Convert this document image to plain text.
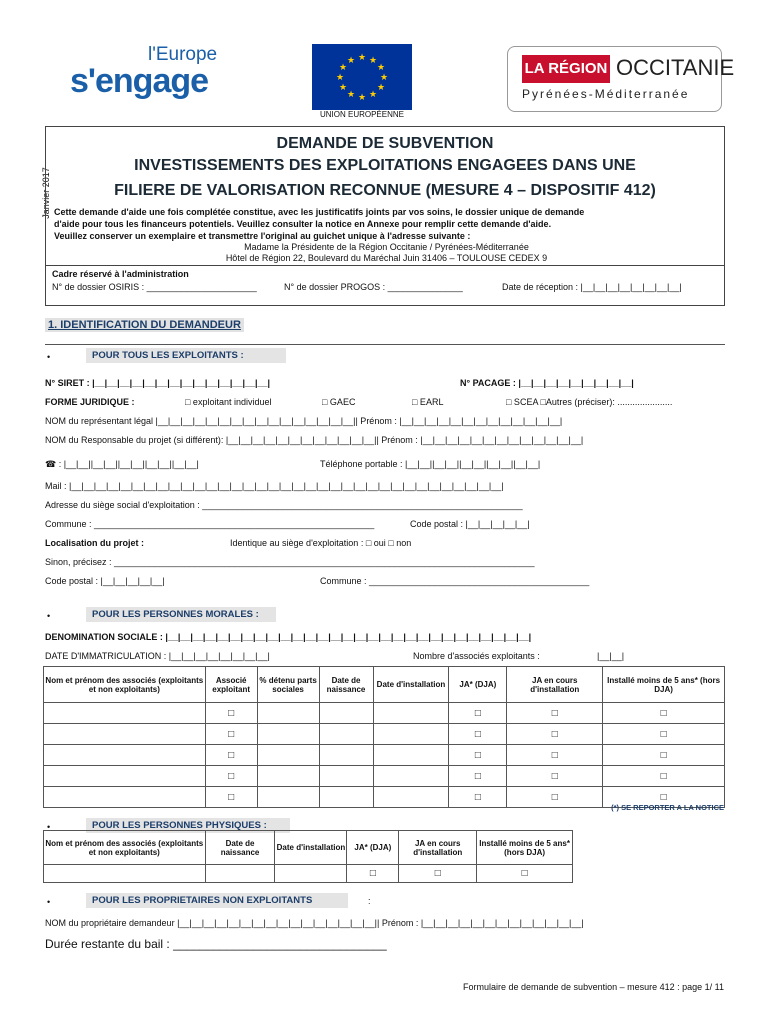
l'Europe
s'engage
★ ★
★
★
★
★
★
★
★
★
★
★
UNION EUROPÉENNE
LA RÉGION OCCITANIE
Pyrénées-Méditerranée
Janvier 2017
DEMANDE DE SUBVENTION
INVESTISSEMENTS DES EXPLOITATIONS ENGAGEES DANS UNE
FILIERE DE VALORISATION RECONNUE (MESURE 4 – DISPOSITIF 412)
Cette demande d'aide une fois complétée constitue, avec les justificatifs joints par vos soins, le dossier unique de demande
d'aide pour tous les financeurs potentiels. Veuillez consulter la notice en Annexe pour remplir cette demande d'aide.
Veuillez conserver un exemplaire et transmettre l'original au guichet unique à l'adresse suivante :
Madame la Présidente de la Région Occitanie / Pyrénées-Méditerranée
Hôtel de Région 22, Boulevard du Maréchal Juin 31406 – TOULOUSE CEDEX 9
Cadre réservé à l'administration
N° de dossier OSIRIS : ______________________	N° de dossier PROGOS : _______________	Date de réception : |__|__|__|__|__|__|__|__|
1. IDENTIFICATION DU DEMANDEUR
•	POUR TOUS LES EXPLOITANTS :
N° SIRET : |__|__|__|__|__|__|__|__|__|__|__|__|__|__|	N° PACAGE : |__|__|__|__|__|__|__|__|__|
FORME JURIDIQUE :	□ exploitant individuel	□ GAEC	□ EARL	□ SCEA □Autres (préciser): ......................
NOM du représentant légal |__|__|__|__|__|__|__|__|__|__|__|__|__|__|__|__|| Prénom : |__|__|__|__|__|__|__|__|__|__|__|__|__|
NOM du Responsable du projet (si différent): |__|__|__|__|__|__|__|__|__|__|__|__|| Prénom : |__|__|__|__|__|__|__|__|__|__|__|__|__|
☎ : |__|__||__|__||__|__||__|__||__|__|	Téléphone portable : |__|__||__|__||__|__||__|__||__|__|
Mail : |__|__|__|__|__|__|__|__|__|__|__|__|__|__|__|__|__|__|__|__|__|__|__|__|__|__|__|__|__|__|__|__|__|__|__|
Adresse du siège social d'exploitation : ________________________________________________________________
Commune : ________________________________________________________	Code postal : |__|__|__|__|__|
Localisation du projet :	Identique au siège d'exploitation : □ oui □ non
Sinon, précisez : ____________________________________________________________________________________
Code postal : |__|__|__|__|__|	Commune : ____________________________________________
•	POUR LES PERSONNES MORALES :
DENOMINATION SOCIALE : |__|__|__|__|__|__|__|__|__|__|__|__|__|__|__|__|__|__|__|__|__|__|__|__|__|__|__|__|__|
DATE D'IMMATRICULATION : |__|__|__|__|__|__|__|__|	Nombre d'associés exploitants :	|__|__|
Nom et prénom des associés (exploitants et non exploitants)	Associé exploitant	% détenu parts sociales	Date de naissance	Date d'installation	JA* (DJA)	JA en cours d'installation	Installé moins de 5 ans* (hors DJA)
	□				□	□	□
	□				□	□	□
	□				□	□	□
	□				□	□	□
	□				□	□	□
(*) SE REPORTER A LA NOTICE
•	POUR LES PERSONNES PHYSIQUES :
Nom et prénom des associés (exploitants et non exploitants)	Date de naissance	Date d'installation	JA* (DJA)	JA en cours d'installation	Installé moins de 5 ans* (hors DJA)
			□	□	□
•	POUR LES PROPRIETAIRES NON EXPLOITANTS	:
NOM du propriétaire demandeur |__|__|__|__|__|__|__|__|__|__|__|__|__|__|__|__|| Prénom : |__|__|__|__|__|__|__|__|__|__|__|__|__|
Durée restante du bail : ________________________________
Formulaire de demande de subvention – mesure 412 : page 1/ 11
